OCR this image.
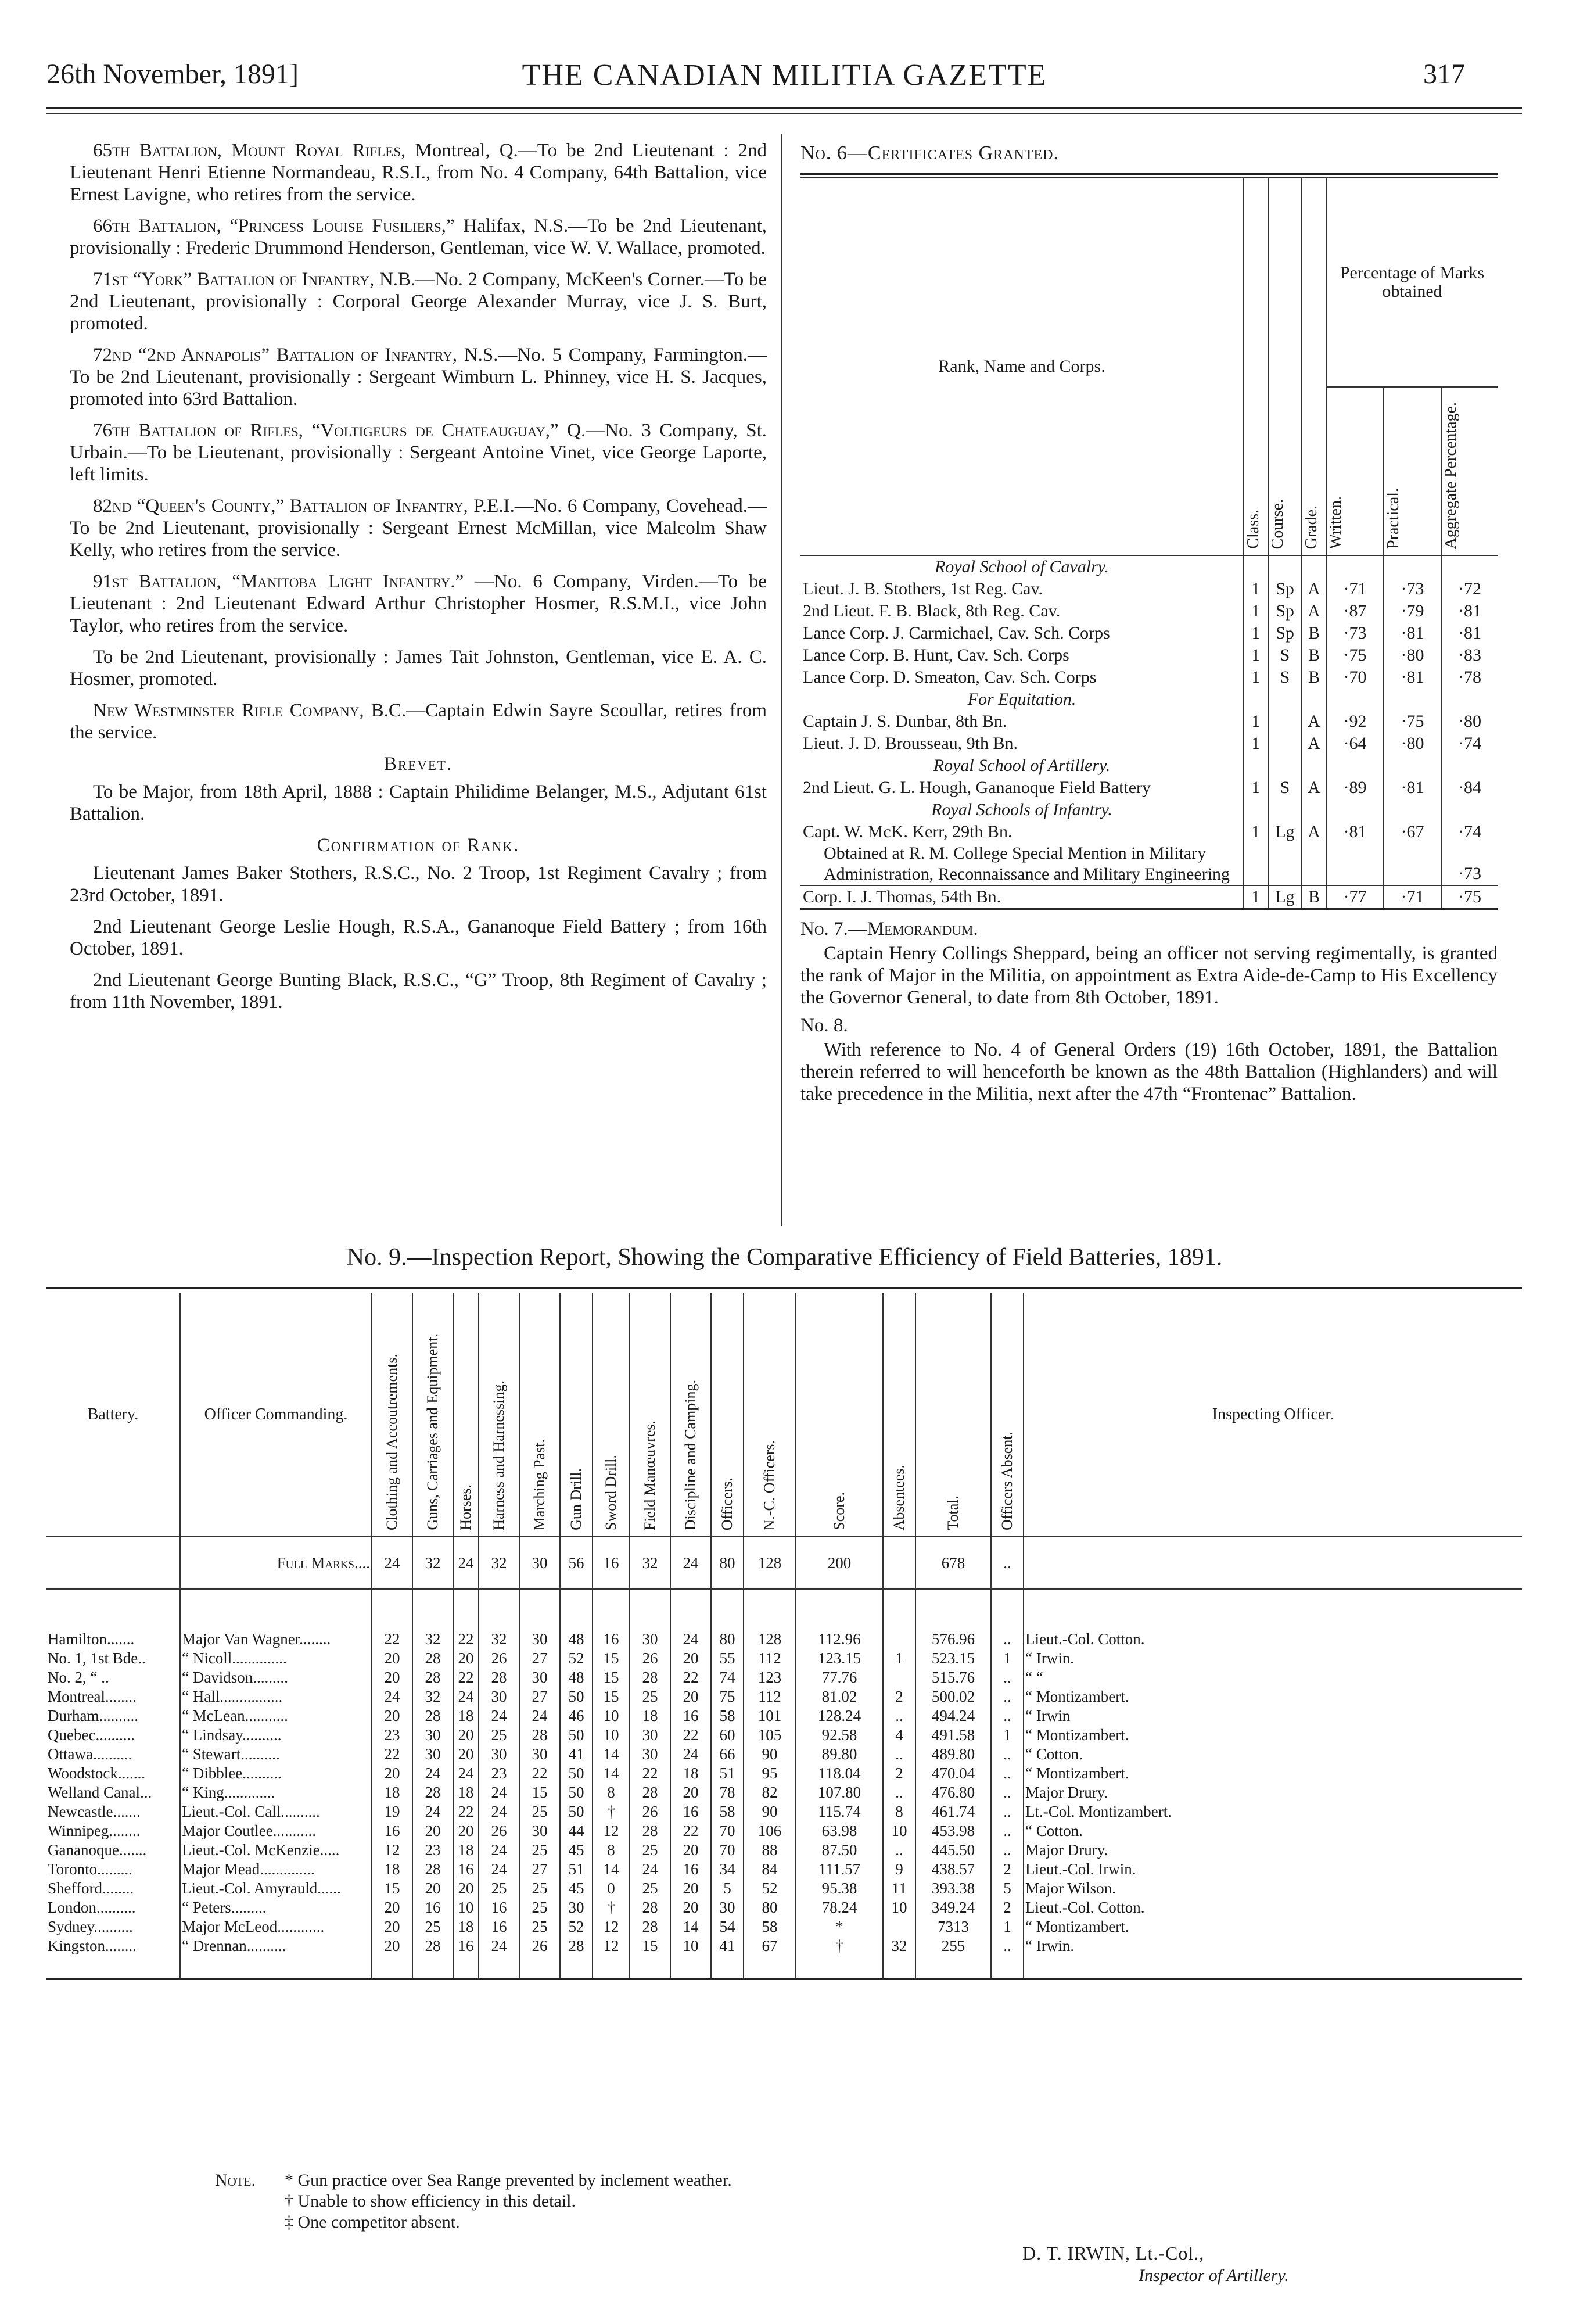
26th November, 1891]	THE CANADIAN MILITIA GAZETTE	317

65th Battalion, Mount Royal Rifles, Montreal, Q.—To be 2nd Lieutenant : 2nd Lieutenant Henri Etienne Normandeau, R.S.I., from No. 4 Company, 64th Battalion, vice Ernest Lavigne, who retires from the service.

66th Battalion, “Princess Louise Fusiliers,” Halifax, N.S.—To be 2nd Lieutenant, provisionally : Frederic Drummond Henderson, Gentleman, vice W. V. Wallace, promoted.

71st “York” Battalion of Infantry, N.B.—No. 2 Company, McKeen's Corner.—To be 2nd Lieutenant, provisionally : Corporal George Alexander Murray, vice J. S. Burt, promoted.

72nd “2nd Annapolis” Battalion of Infantry, N.S.—No. 5 Company, Farmington.—To be 2nd Lieutenant, provisionally : Sergeant Wimburn L. Phinney, vice H. S. Jacques, promoted into 63rd Battalion.

76th Battalion of Rifles, “Voltigeurs de Chateauguay,” Q.—No. 3 Company, St. Urbain.—To be Lieutenant, provisionally : Sergeant Antoine Vinet, vice George Laporte, left limits.

82nd “Queen's County,” Battalion of Infantry, P.E.I.—No. 6 Company, Covehead.—To be 2nd Lieutenant, provisionally : Sergeant Ernest McMillan, vice Malcolm Shaw Kelly, who retires from the service.

91st Battalion, “Manitoba Light Infantry.” —No. 6 Company, Virden.—To be Lieutenant : 2nd Lieutenant Edward Arthur Christopher Hosmer, R.S.M.I., vice John Taylor, who retires from the service.

To be 2nd Lieutenant, provisionally : James Tait Johnston, Gentleman, vice E. A. C. Hosmer, promoted.

New Westminster Rifle Company, B.C.—Captain Edwin Sayre Scoullar, retires from the service.

Brevet.

To be Major, from 18th April, 1888 : Captain Philidime Belanger, M.S., Adjutant 61st Battalion.

Confirmation of Rank.

Lieutenant James Baker Stothers, R.S.C., No. 2 Troop, 1st Regiment Cavalry ; from 23rd October, 1891.

2nd Lieutenant George Leslie Hough, R.S.A., Gananoque Field Battery ; from 16th October, 1891.

2nd Lieutenant George Bunting Black, R.S.C., “G” Troop, 8th Regiment of Cavalry ; from 11th November, 1891.

No. 6—Certificates Granted.
Rank, Name and Corps.	Class.	Course.	Grade.	Percentage of Marks obtained		

				Written.	Practical.	Aggregate Percentage.

Royal School of Cavalry.						
Lieut. J. B. Stothers, 1st Reg. Cav.	1	Sp	A	·71	·73	·72
2nd Lieut. F. B. Black, 8th Reg. Cav.	1	Sp	A	·87	·79	·81
Lance Corp. J. Carmichael, Cav. Sch. Corps	1	Sp	B	·73	·81	·81
Lance Corp. B. Hunt, Cav. Sch. Corps	1	S	B	·75	·80	·83
Lance Corp. D. Smeaton, Cav. Sch. Corps	1	S	B	·70	·81	·78
For Equitation.						
Captain J. S. Dunbar, 8th Bn.	1		A	·92	·75	·80
Lieut. J. D. Brousseau, 9th Bn.	1		A	·64	·80	·74
Royal School of Artillery.						
2nd Lieut. G. L. Hough, Gananoque Field Battery	1	S	A	·89	·81	·84
Royal Schools of Infantry.						
Capt. W. McK. Kerr, 29th Bn.	1	Lg	A	·81	·67	·74
Obtained at R. M. College Special Mention in Military Administration, Reconnaissance and Military Engineering						·73
Corp. I. J. Thomas, 54th Bn.	1	Lg	B	·77	·71	·75
No. 7.—Memorandum.

Captain Henry Collings Sheppard, being an officer not serving regimentally, is granted the rank of Major in the Militia, on appointment as Extra Aide-de-Camp to His Excellency the Governor General, to date from 8th October, 1891.

No. 8.

With reference to No. 4 of General Orders (19) 16th October, 1891, the Battalion therein referred to will henceforth be known as the 48th Battalion (Highlanders) and will take precedence in the Militia, next after the 47th “Frontenac” Battalion.

No. 9.—Inspection Report, Showing the Comparative Efficiency of Field Batteries, 1891.
Battery.	Officer Commanding.	Clothing and Accoutrements.	Guns, Carriages and Equipment.	Horses.	Harness and Harnessing.	Marching Past.	Gun Drill.	Sword Drill.	Field Manœuvres.	Discipline and Camping.	Officers.	N.-C. Officers.	Score.	Absentees.	Total.	Officers Absent.	Inspecting Officer.

	Full Marks....	24	32	24	32	30	56	16	32	24	80	128	200		678	..	

Hamilton.......	Major Van Wagner........	22	32	22	32	30	48	16	30	24	80	128	112.96		576.96	..	Lieut.-Col. Cotton.
No. 1, 1st Bde..	“ Nicoll..............	20	28	20	26	27	52	15	26	20	55	112	123.15	1	523.15	1	“ Irwin.
No. 2, “ ..	“ Davidson.........	20	28	22	28	30	48	15	28	22	74	123	77.76		515.76	..	“ “
Montreal........	“ Hall................	24	32	24	30	27	50	15	25	20	75	112	81.02	2	500.02	..	“ Montizambert.
Durham..........	“ McLean...........	20	28	18	24	24	46	10	18	16	58	101	128.24	..	494.24	..	“ Irwin
Quebec..........	“ Lindsay..........	23	30	20	25	28	50	10	30	22	60	105	92.58	4	491.58	1	“ Montizambert.
Ottawa..........	“ Stewart..........	22	30	20	30	30	41	14	30	24	66	90	89.80	..	489.80	..	“ Cotton.
Woodstock.......	“ Dibblee..........	20	24	24	23	22	50	14	22	18	51	95	118.04	2	470.04	..	“ Montizambert.
Welland Canal...	“ King.............	18	28	18	24	15	50	8	28	20	78	82	107.80	..	476.80	..	Major Drury.
Newcastle.......	Lieut.-Col. Call..........	19	24	22	24	25	50	†	26	16	58	90	115.74	8	461.74	..	Lt.-Col. Montizambert.
Winnipeg........	Major Coutlee...........	16	20	20	26	30	44	12	28	22	70	106	63.98	10	453.98	..	“ Cotton.
Gananoque.......	Lieut.-Col. McKenzie.....	12	23	18	24	25	45	8	25	20	70	88	87.50	..	445.50	..	Major Drury.
Toronto.........	Major Mead..............	18	28	16	24	27	51	14	24	16	34	84	111.57	9	438.57	2	Lieut.-Col. Irwin.
Shefford........	Lieut.-Col. Amyrauld......	15	20	20	25	25	45	0	25	20	5	52	95.38	11	393.38	5	Major Wilson.
London..........	“ Peters.........	20	16	10	16	25	30	†	28	20	30	80	78.24	10	349.24	2	Lieut.-Col. Cotton.
Sydney..........	Major McLeod............	20	25	18	16	25	52	12	28	14	54	58	*		7313	1	“ Montizambert.
Kingston........	“ Drennan..........	20	28	16	24	26	28	12	15	10	41	67	†	32	255	..	“ Irwin.

Note. * Gun practice over Sea Range prevented by inclement weather.
† Unable to show efficiency in this detail.
‡ One competitor absent.
D. T. IRWIN, Lt.-Col.,
Inspector of Artillery.
